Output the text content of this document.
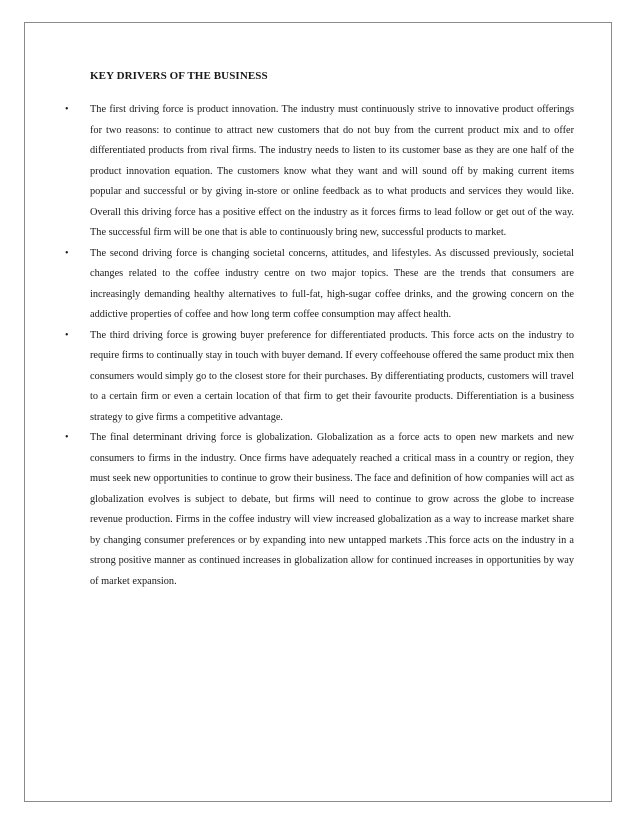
KEY DRIVERS OF THE BUSINESS
• The first driving force is product innovation. The industry must continuously strive to innovative product offerings for two reasons: to continue to attract new customers that do not buy from the current product mix and to offer differentiated products from rival firms. The industry needs to listen to its customer base as they are one half of the product innovation equation. The customers know what they want and will sound off by making current items popular and successful or by giving in-store or online feedback as to what products and services they would like. Overall this driving force has a positive effect on the industry as it forces firms to lead follow or get out of the way. The successful firm will be one that is able to continuously bring new, successful products to market.
• The second driving force is changing societal concerns, attitudes, and lifestyles. As discussed previously, societal changes related to the coffee industry centre on two major topics. These are the trends that consumers are increasingly demanding healthy alternatives to full-fat, high-sugar coffee drinks, and the growing concern on the addictive properties of coffee and how long term coffee consumption may affect health.
• The third driving force is growing buyer preference for differentiated products. This force acts on the industry to require firms to continually stay in touch with buyer demand. If every coffeehouse offered the same product mix then consumers would simply go to the closest store for their purchases. By differentiating products, customers will travel to a certain firm or even a certain location of that firm to get their favourite products. Differentiation is a business strategy to give firms a competitive advantage.
• The final determinant driving force is globalization. Globalization as a force acts to open new markets and new consumers to firms in the industry. Once firms have adequately reached a critical mass in a country or region, they must seek new opportunities to continue to grow their business. The face and definition of how companies will act as globalization evolves is subject to debate, but firms will need to continue to grow across the globe to increase revenue production. Firms in the coffee industry will view increased globalization as a way to increase market share by changing consumer preferences or by expanding into new untapped markets .This force acts on the industry in a strong positive manner as continued increases in globalization allow for continued increases in opportunities by way of market expansion.
